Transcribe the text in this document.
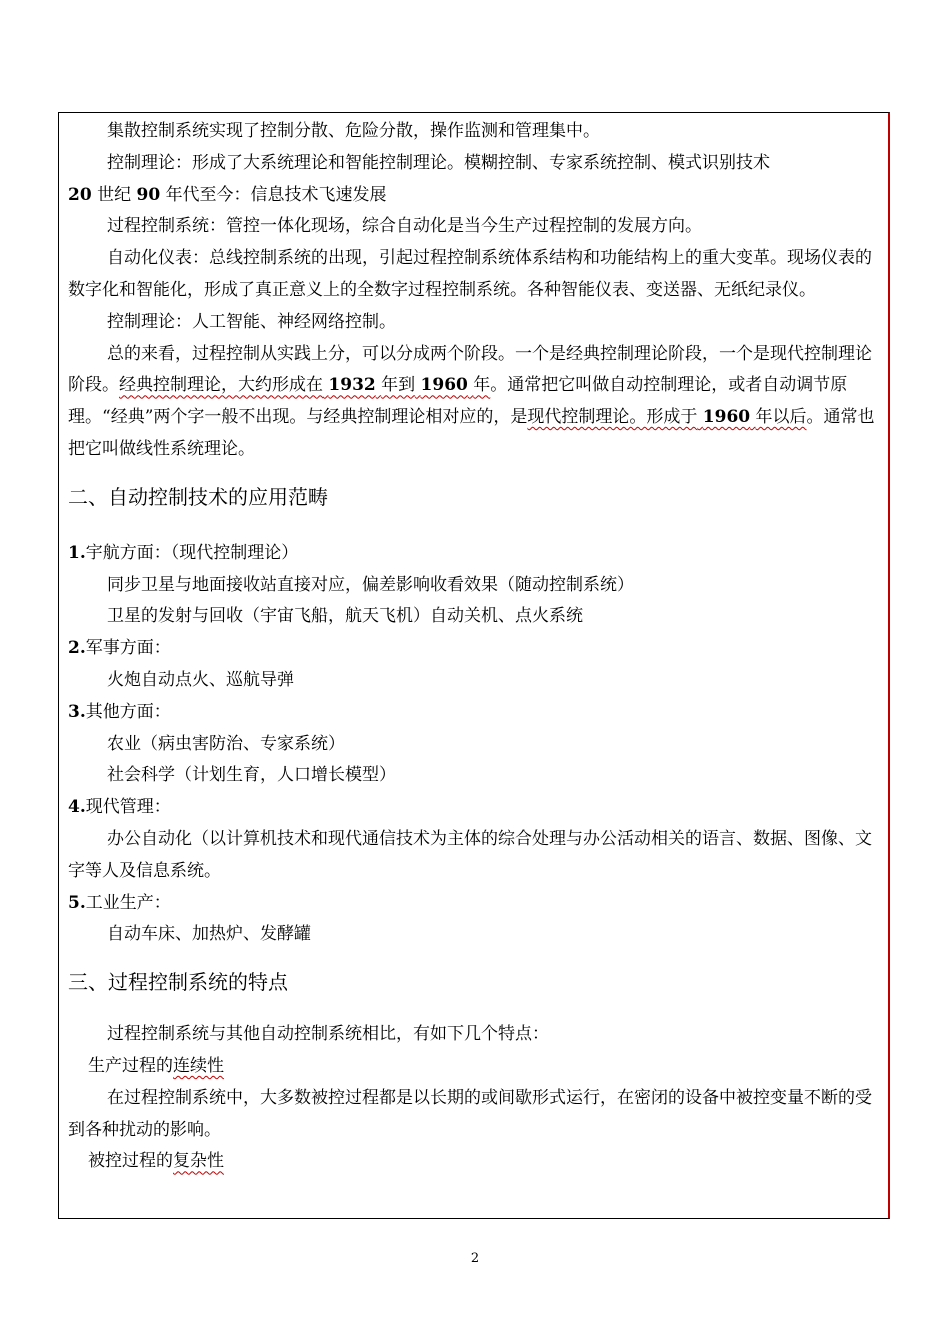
集散控制系统实现了控制分散、危险分散，操作监测和管理集中。

控制理论：形成了大系统理论和智能控制理论。模糊控制、专家系统控制、模式识别技术

20 世纪 90 年代至今：信息技术飞速发展

过程控制系统：管控一体化现场，综合自动化是当今生产过程控制的发展方向。

自动化仪表：总线控制系统的出现，引起过程控制系统体系结构和功能结构上的重大变革。现场仪表的数字化和智能化，形成了真正意义上的全数字过程控制系统。各种智能仪表、变送器、无纸纪录仪。

控制理论：人工智能、神经网络控制。

总的来看，过程控制从实践上分，可以分成两个阶段。一个是经典控制理论阶段，一个是现代控制理论阶段。经典控制理论，大约形成在 1932 年到 1960 年。通常把它叫做自动控制理论，或者自动调节原理。“经典”两个字一般不出现。与经典控制理论相对应的，是现代控制理论。形成于 1960 年以后。通常也把它叫做线性系统理论。

二、自动控制技术的应用范畴

1.宇航方面：（现代控制理论）

同步卫星与地面接收站直接对应，偏差影响收看效果（随动控制系统）

卫星的发射与回收（宇宙飞船，航天飞机）自动关机、点火系统

2.军事方面：

火炮自动点火、巡航导弹

3.其他方面：

农业（病虫害防治、专家系统）

社会科学（计划生育，人口增长模型）

4.现代管理：

办公自动化（以计算机技术和现代通信技术为主体的综合处理与办公活动相关的语言、数据、图像、文字等人及信息系统。

5.工业生产：

自动车床、加热炉、发酵罐

三、过程控制系统的特点

过程控制系统与其他自动控制系统相比，有如下几个特点：

生产过程的连续性

在过程控制系统中，大多数被控过程都是以长期的或间歇形式运行，在密闭的设备中被控变量不断的受到各种扰动的影响。

被控过程的复杂性

2
